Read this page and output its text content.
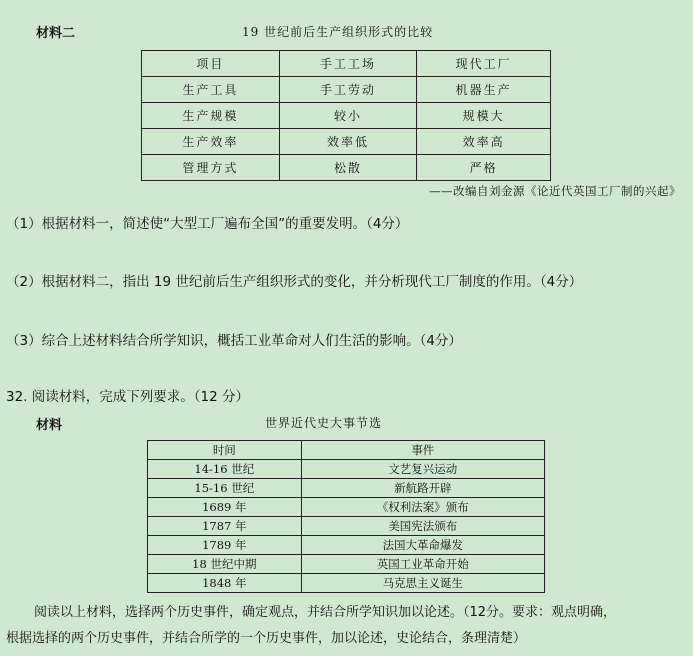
材料二	19 世纪前后生产组织形式的比较
项目	手工工场	现代工厂
生产工具	手工劳动	机器生产
生产规模	较小	规模大
生产效率	效率低	效率高
管理方式	松散	严格
——改编自刘金源《论近代英国工厂制的兴起》
（1）根据材料一，简述使“大型工厂遍布全国”的重要发明。（4分）
（2）根据材料二，指出 19 世纪前后生产组织形式的变化，并分析现代工厂制度的作用。（4分）
（3）综合上述材料结合所学知识，概括工业革命对人们生活的影响。（4分）
32. 阅读材料，完成下列要求。（12 分）
材料	世界近代史大事节选
时间	事件
14-16 世纪	文艺复兴运动
15-16 世纪	新航路开辟
1689 年	《权利法案》颁布
1787 年	美国宪法颁布
1789 年	法国大革命爆发
18 世纪中期	英国工业革命开始
1848 年	马克思主义诞生
阅读以上材料，选择两个历史事件，确定观点，并结合所学知识加以论述。（12分。要求：观点明确，
根据选择的两个历史事件，并结合所学的一个历史事件，加以论述，史论结合，条理清楚）
